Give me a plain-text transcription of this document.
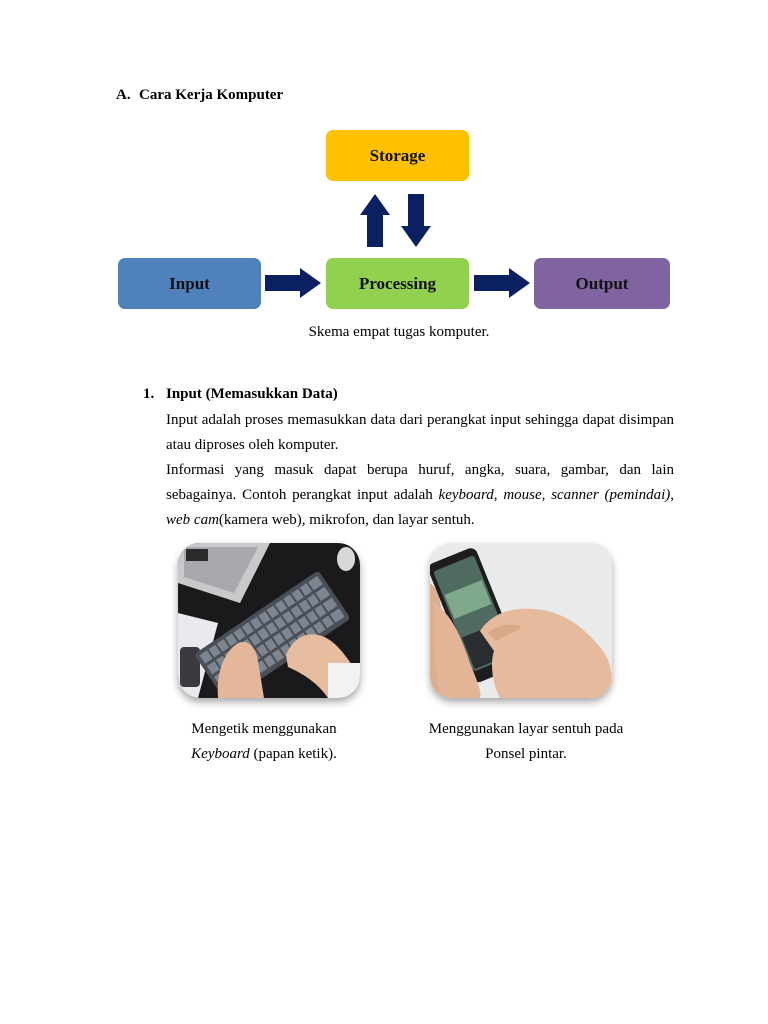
A. Cara Kerja Komputer
Storage
Input	Processing	Output
Skema empat tugas komputer.
1. Input (Memasukkan Data)

Input adalah proses memasukkan data dari perangkat input sehingga dapat disimpan atau diproses oleh komputer.

Informasi yang masuk dapat berupa huruf, angka, suara, gambar, dan lain sebagainya. Contoh perangkat input adalah keyboard, mouse, scanner (pemindai), web cam(kamera web), mikrofon, dan layar sentuh.

Mengetik menggunakan
Keyboard (papan ketik).
Menggunakan layar sentuh pada
Ponsel pintar.
